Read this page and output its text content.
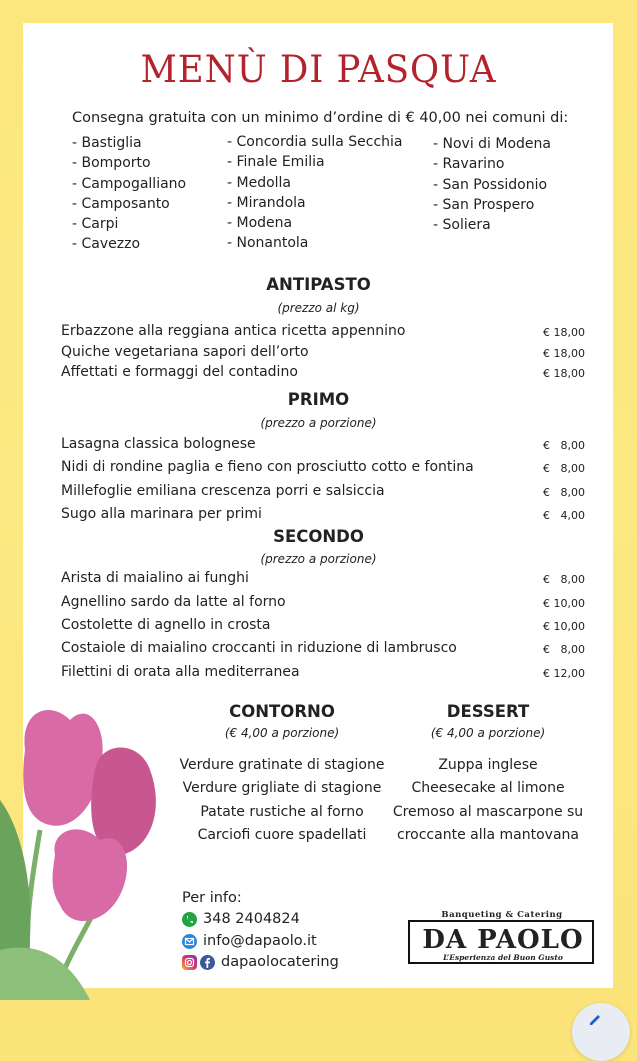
MENÙ DI PASQUA
Consegna gratuita con un minimo d’ordine di € 40,00 nei comuni di:
- Bastiglia
- Bomporto
- Campogalliano
- Camposanto
- Carpi
- Cavezzo
- Concordia sulla Secchia
- Finale Emilia
- Medolla
- Mirandola
- Modena
- Nonantola
- Novi di Modena
- Ravarino
- San Possidonio
- San Prospero
- Soliera
ANTIPASTO
(prezzo al kg)
Erbazzone alla reggiana antica ricetta appennino	€ 18,00
Quiche vegetariana sapori dell’orto	€ 18,00
Affettati e formaggi del contadino	€ 18,00
PRIMO
(prezzo a porzione)
Lasagna classica bolognese	€   8,00
Nidi di rondine paglia e fieno con prosciutto cotto e fontina	€   8,00
Millefoglie emiliana crescenza porri e salsiccia	€   8,00
Sugo alla marinara per primi	€   4,00
SECONDO
(prezzo a porzione)
Arista di maialino ai funghi	€   8,00
Agnellino sardo da latte al forno	€ 10,00
Costolette di agnello in crosta	€ 10,00
Costaiole di maialino croccanti in riduzione di lambrusco	€   8,00
Filettini di orata alla mediterranea	€ 12,00
CONTORNO
(€ 4,00 a porzione)
Verdure gratinate di stagione
Verdure grigliate di stagione
Patate rustiche al forno
Carciofi cuore spadellati
DESSERT
(€ 4,00 a porzione)
Zuppa inglese
Cheesecake al limone
Cremoso al mascarpone su
croccante alla mantovana
Per info:
348 2404824
info@dapaolo.it
dapaolocatering
Banqueting & Catering
DA PAOLO
L’Esperienza del Buon Gusto
